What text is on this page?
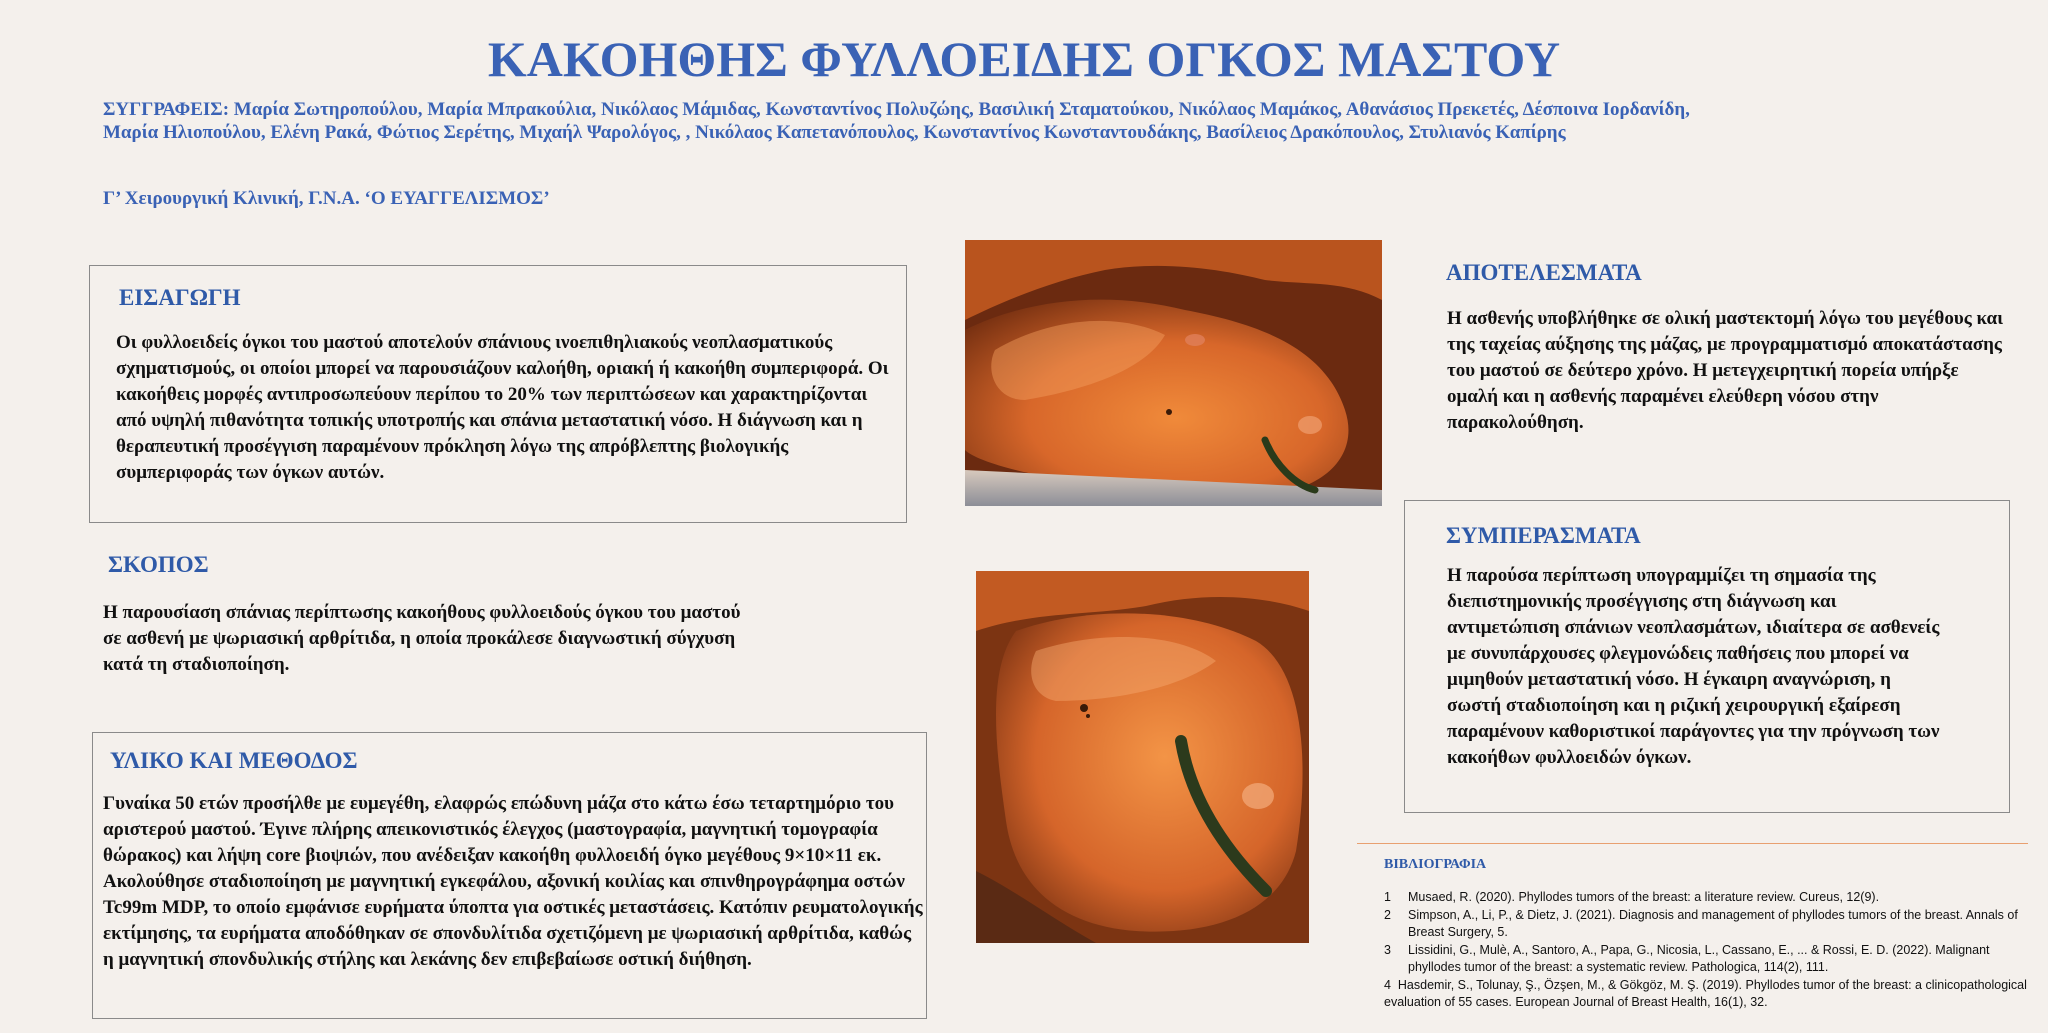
ΚΑΚΟΗΘΗΣ ΦΥΛΛΟΕΙΔΗΣ ΟΓΚΟΣ ΜΑΣΤΟΥ
ΣΥΓΓΡΑΦΕΙΣ: Μαρία Σωτηροπούλου, Μαρία Μπρακούλια, Νικόλαος Μάμιδας, Κωνσταντίνος Πολυζώης, Βασιλική Σταματούκου, Νικόλαος Μαμάκος, Αθανάσιος Πρεκετές, Δέσποινα Ιορδανίδη, Μαρία Ηλιοπούλου, Ελένη Ρακά, Φώτιος Σερέτης, Μιχαήλ Ψαρολόγος, , Νικόλαος Καπετανόπουλος, Κωνσταντίνος Κωνσταντουδάκης, Βασίλειος Δρακόπουλος, Στυλιανός Καπίρης
Γ’ Χειρουργική Κλινική, Γ.Ν.Α. ‘Ο ΕΥΑΓΓΕΛΙΣΜΟΣ’
ΕΙΣΑΓΩΓΗ
Οι φυλλοειδείς όγκοι του μαστού αποτελούν σπάνιους ινοεπιθηλιακούς νεοπλασματικούς σχηματισμούς, οι οποίοι μπορεί να παρουσιάζουν καλοήθη, οριακή ή κακοήθη συμπεριφορά. Οι κακοήθεις μορφές αντιπροσωπεύουν περίπου το 20% των περιπτώσεων και χαρακτηρίζονται από υψηλή πιθανότητα τοπικής υποτροπής και σπάνια μεταστατική νόσο. Η διάγνωση και η θεραπευτική προσέγγιση παραμένουν πρόκληση λόγω της απρόβλεπτης βιολογικής συμπεριφοράς των όγκων αυτών.
ΣΚΟΠΟΣ
Η παρουσίαση σπάνιας περίπτωσης κακοήθους φυλλοειδούς όγκου του μαστού σε ασθενή με ψωριασική αρθρίτιδα, η οποία προκάλεσε διαγνωστική σύγχυση κατά τη σταδιοποίηση.
ΥΛΙΚΟ ΚΑΙ ΜΕΘΟΔΟΣ
Γυναίκα 50 ετών προσήλθε με ευμεγέθη, ελαφρώς επώδυνη μάζα στο κάτω έσω τεταρτημόριο του αριστερού μαστού. Έγινε πλήρης απεικονιστικός έλεγχος (μαστογραφία, μαγνητική τομογραφία θώρακος) και λήψη core βιοψιών, που ανέδειξαν κακοήθη φυλλοειδή όγκο μεγέθους 9×10×11 εκ. Ακολούθησε σταδιοποίηση με μαγνητική εγκεφάλου, αξονική κοιλίας και σπινθηρογράφημα οστών Tc99m MDP, το οποίο εμφάνισε ευρήματα ύποπτα για οστικές μεταστάσεις. Κατόπιν ρευματολογικής εκτίμησης, τα ευρήματα αποδόθηκαν σε σπονδυλίτιδα σχετιζόμενη με ψωριασική αρθρίτιδα, καθώς η μαγνητική σπονδυλικής στήλης και λεκάνης δεν επιβεβαίωσε οστική διήθηση.
ΑΠΟΤΕΛΕΣΜΑΤΑ
Η ασθενής υποβλήθηκε σε ολική μαστεκτομή λόγω του μεγέθους και της ταχείας αύξησης της μάζας, με προγραμματισμό αποκατάστασης του μαστού σε δεύτερο χρόνο. Η μετεγχειρητική πορεία υπήρξε ομαλή και η ασθενής παραμένει ελεύθερη νόσου στην παρακολούθηση.
ΣΥΜΠΕΡΑΣΜΑΤΑ
Η παρούσα περίπτωση υπογραμμίζει τη σημασία της διεπιστημονικής προσέγγισης στη διάγνωση και αντιμετώπιση σπάνιων νεοπλασμάτων, ιδιαίτερα σε ασθενείς με συνυπάρχουσες φλεγμονώδεις παθήσεις που μπορεί να μιμηθούν μεταστατική νόσο. Η έγκαιρη αναγνώριση, η σωστή σταδιοποίηση και η ριζική χειρουργική εξαίρεση παραμένουν καθοριστικοί παράγοντες για την πρόγνωση των κακοήθων φυλλοειδών όγκων.
ΒΙΒΛΙΟΓΡΑΦΙΑ
1 Musaed, R. (2020). Phyllodes tumors of the breast: a literature review. Cureus, 12(9).
2 Simpson, A., Li, P., & Dietz, J. (2021). Diagnosis and management of phyllodes tumors of the breast. Annals of Breast Surgery, 5.
3 Lissidini, G., Mulè, A., Santoro, A., Papa, G., Nicosia, L., Cassano, E., ... & Rossi, E. D. (2022). Malignant phyllodes tumor of the breast: a systematic review. Pathologica, 114(2), 111.
4 Hasdemir, S., Tolunay, Ş., Özşen, M., & Gökgöz, M. Ş. (2019). Phyllodes tumor of the breast: a clinicopathological evaluation of 55 cases. European Journal of Breast Health, 16(1), 32.
